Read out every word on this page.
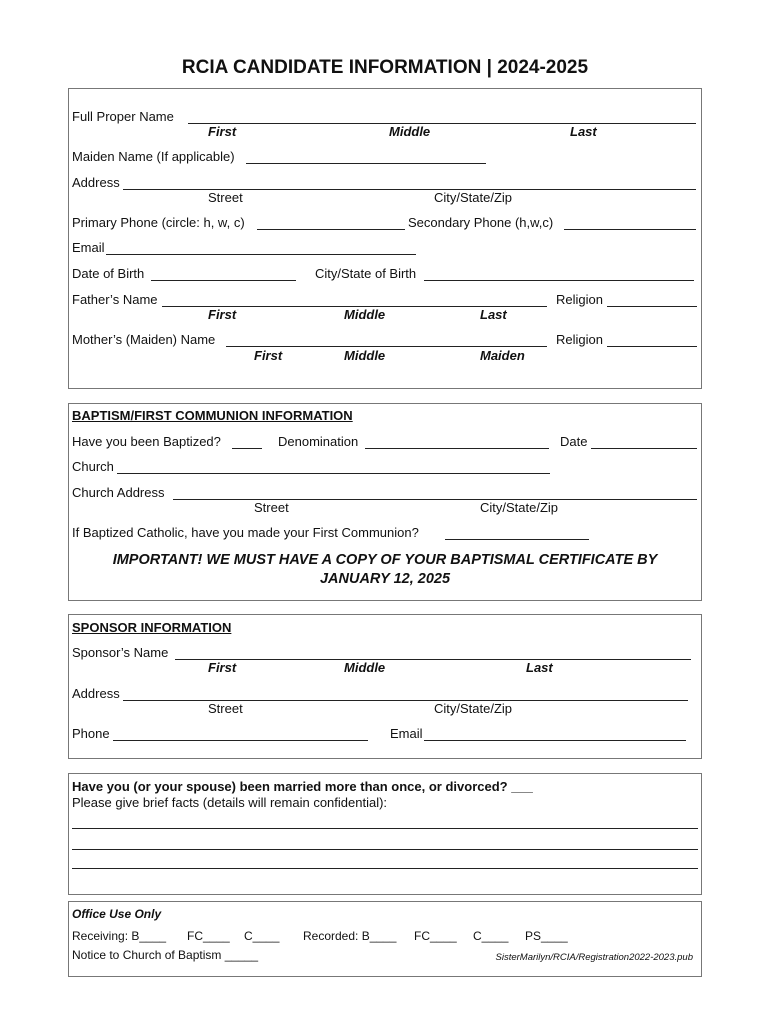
RCIA CANDIDATE INFORMATION | 2024-2025
Full Proper Name
First	Middle	Last
Maiden Name (If applicable)
Address
Street	City/State/Zip
Primary Phone (circle: h, w, c)	Secondary Phone (h,w,c)
Email
Date of Birth	City/State of Birth
Father’s Name	Religion
First	Middle	Last
Mother’s (Maiden) Name	Religion
First	Middle	Maiden
BAPTISM/FIRST COMMUNION INFORMATION
Have you been Baptized?	Denomination	Date
Church
Church Address
Street	City/State/Zip
If Baptized Catholic, have you made your First Communion?
IMPORTANT! WE MUST HAVE A COPY OF YOUR BAPTISMAL CERTIFICATE BY
JANUARY 12, 2025
SPONSOR INFORMATION
Sponsor’s Name
First	Middle	Last
Address
Street	City/State/Zip
Phone	Email
Have you (or your spouse) been married more than once, or divorced? ___
Please give brief facts (details will remain confidential):
Office Use Only
Receiving: B____ FC____ C____ Recorded: B____ FC____ C____ PS____
Notice to Church of Baptism _____	SisterMarilyn/RCIA/Registration2022-2023.pub
